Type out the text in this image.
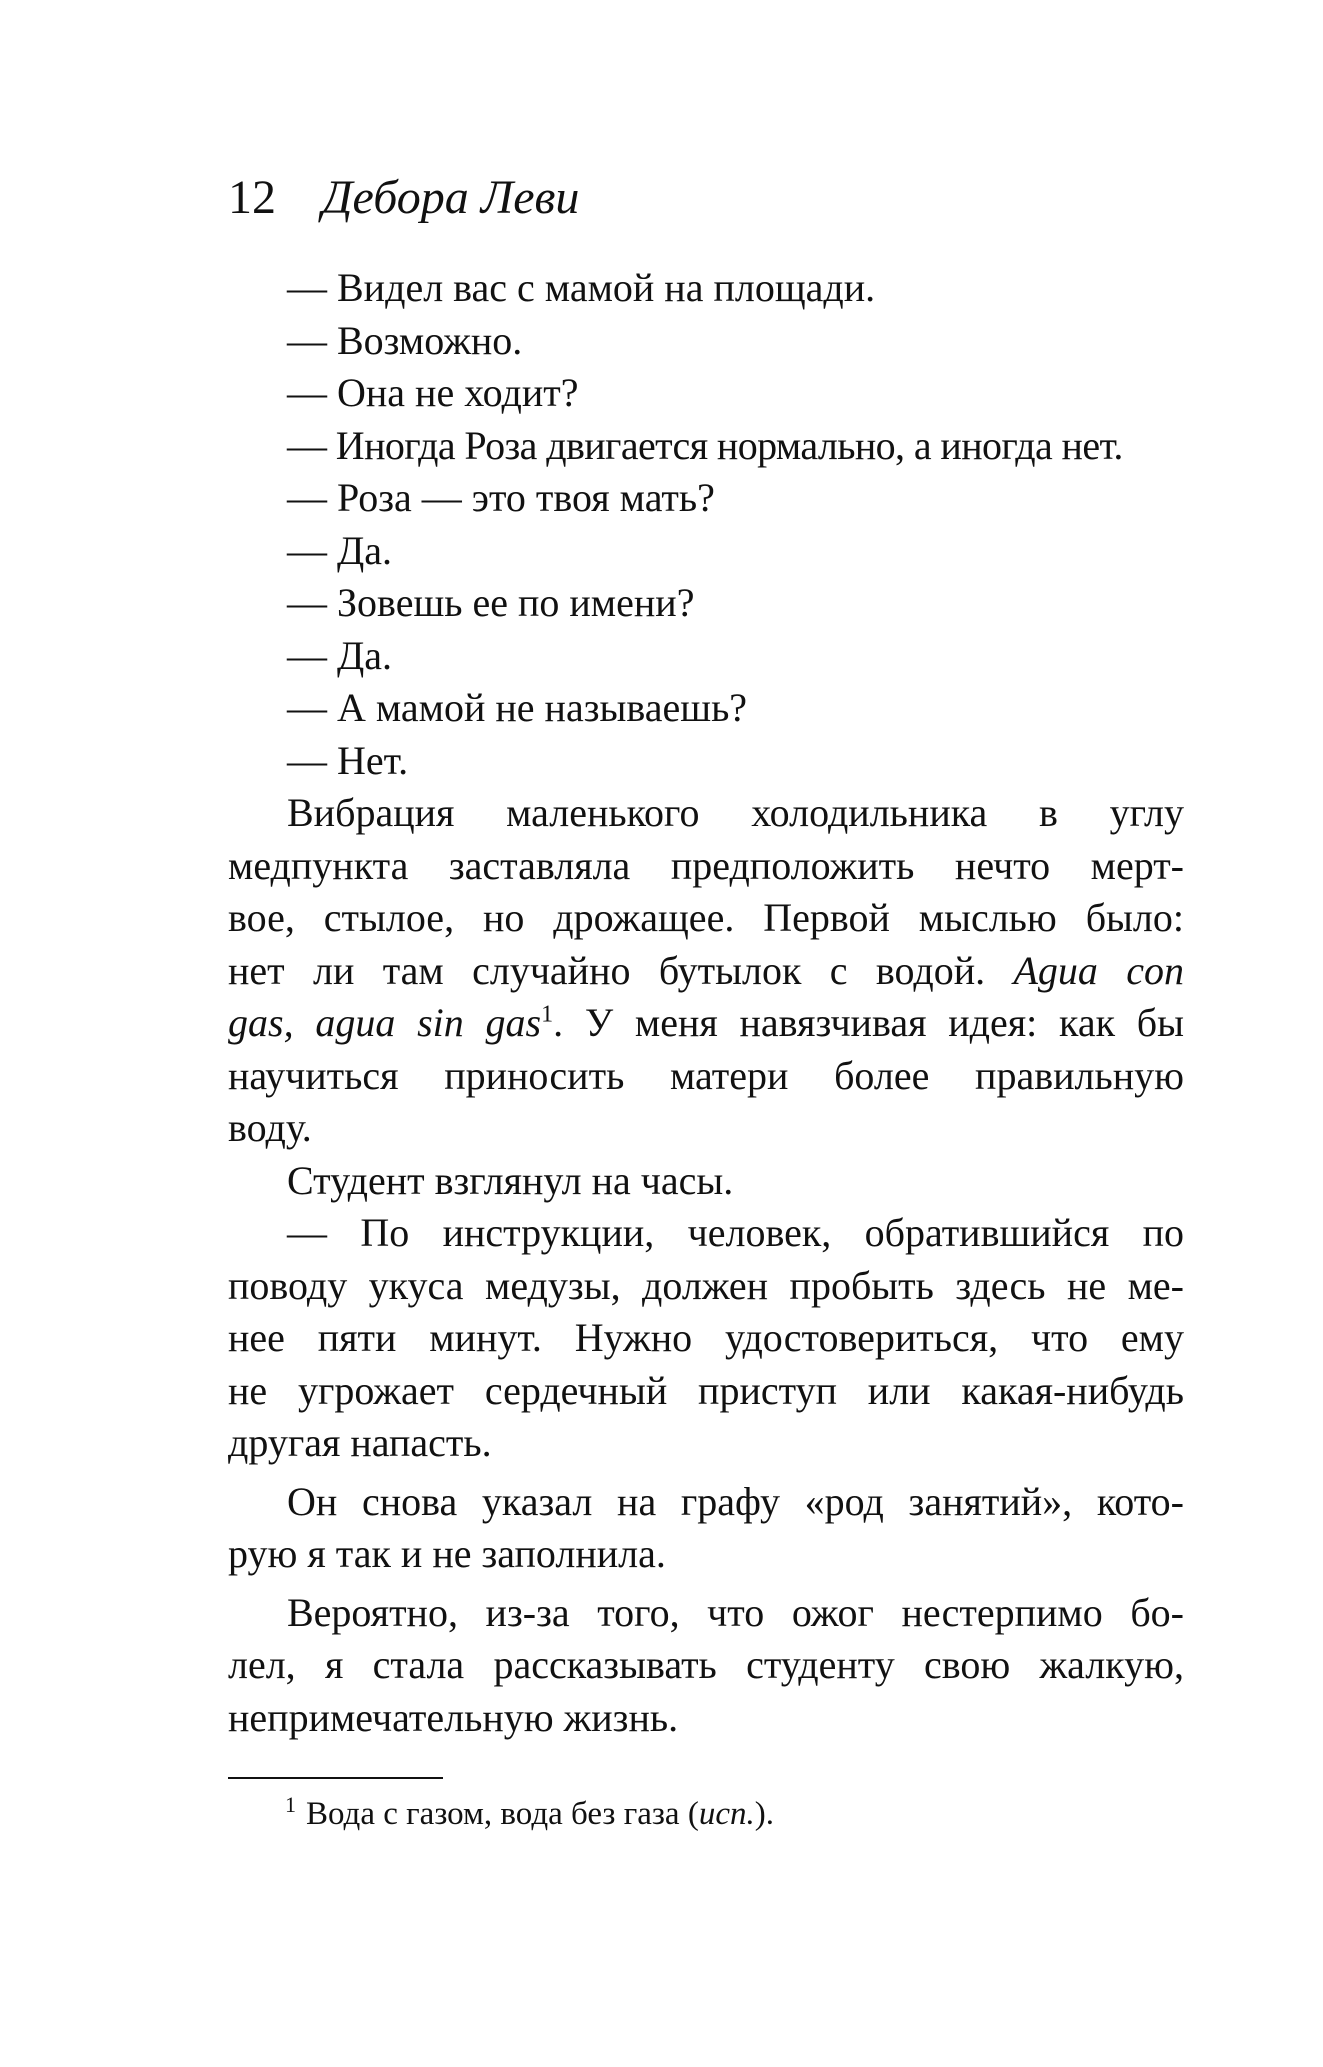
12 Дебора Леви
— Видел вас с мамой на площади.
— Возможно.
— Она не ходит?
— Иногда Роза двигается нормально, а иногда нет.
— Роза — это твоя мать?
— Да.
— Зовешь ее по имени?
— Да.
— А мамой не называешь?
— Нет.
Вибрация маленького холодильника в углу
медпункта заставляла предположить нечто мерт-
вое, стылое, но дрожащее. Первой мыслью было:
нет ли там случайно бутылок с водой. Agua con
gas, agua sin gas$^1$. У меня навязчивая идея: как бы
научиться приносить матери более правильную
воду.
Студент взглянул на часы.
— По инструкции, человек, обратившийся по
поводу укуса медузы, должен пробыть здесь не ме-
нее пяти минут. Нужно удостовериться, что ему
не угрожает сердечный приступ или какая-нибудь
другая напасть.
Он снова указал на графу «род занятий», кото-
рую я так и не заполнила.
Вероятно, из-за того, что ожог нестерпимо бо-
лел, я стала рассказывать студенту свою жалкую,
непримечательную жизнь.
$^1$ Вода с газом, вода без газа (исп.).
